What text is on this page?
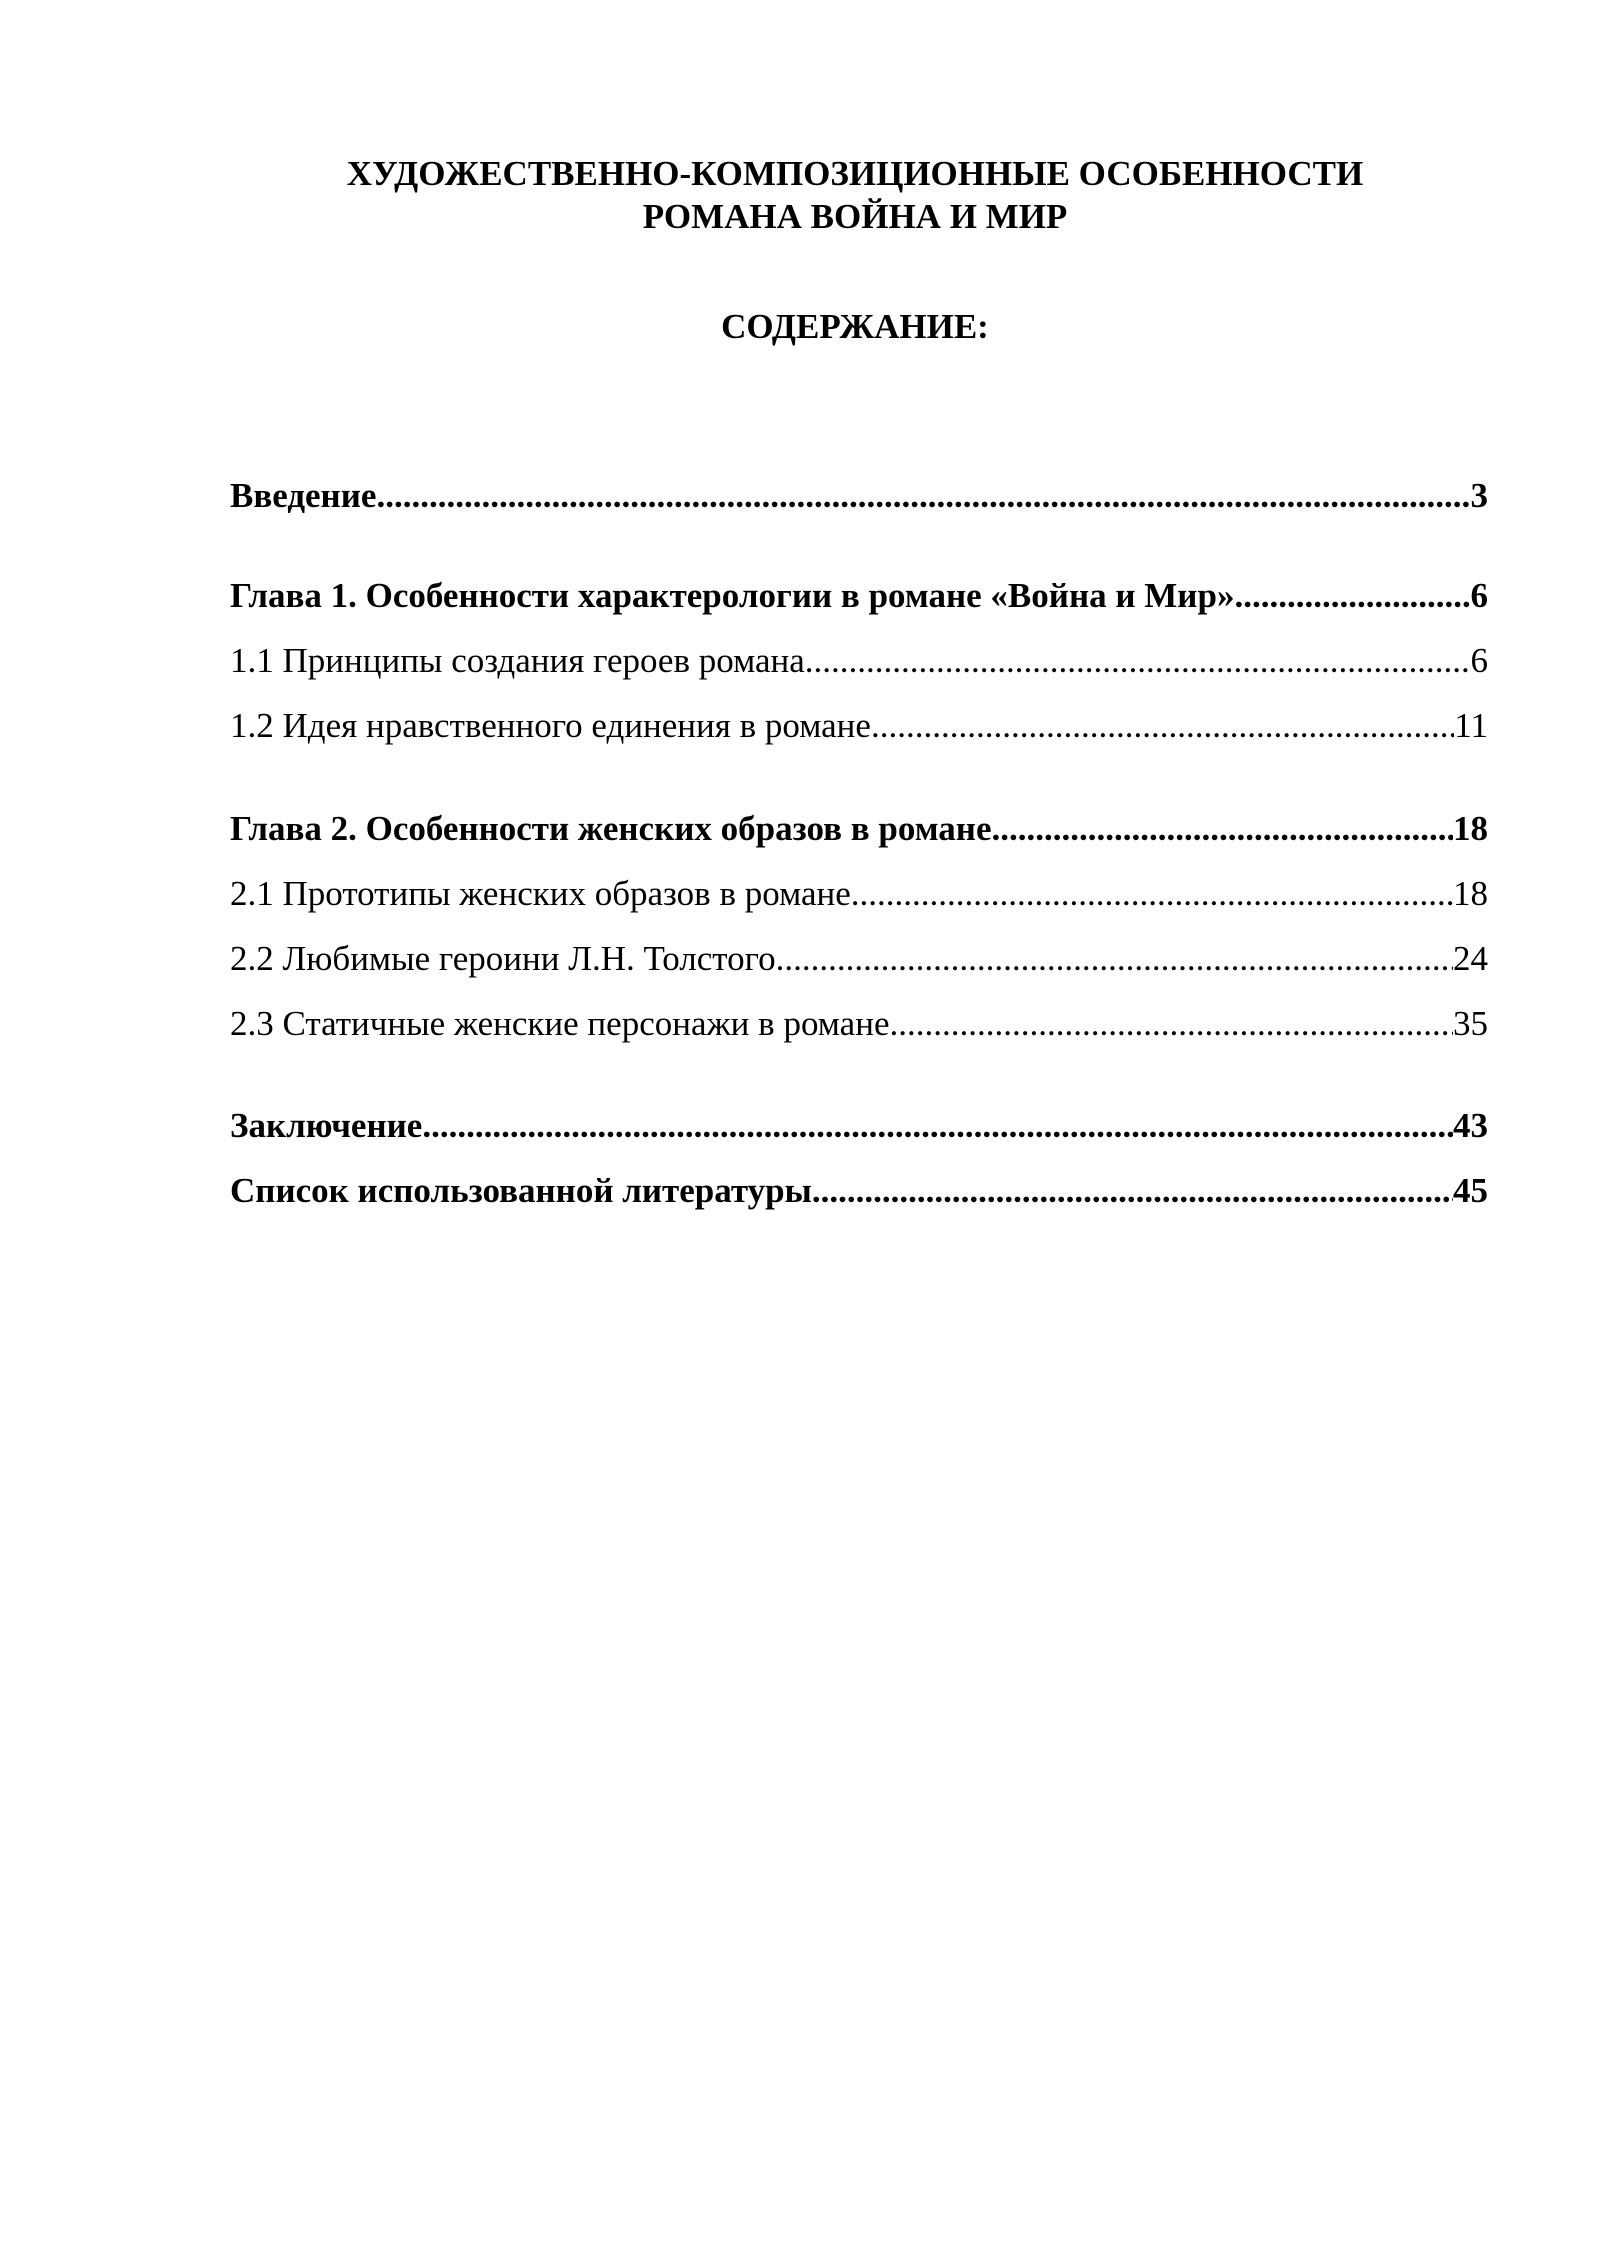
ХУДОЖЕСТВЕННО-КОМПОЗИЦИОННЫЕ ОСОБЕННОСТИ
РОМАНА ВОЙНА И МИР
СОДЕРЖАНИЕ:
Введение .....	3
Глава 1. Особенности характерологии в романе «Война и Мир» .....	6
1.1 Принципы создания героев романа .....	6
1.2 Идея нравственного единения в романе .....	11
Глава 2. Особенности женских образов в романе .....	18
2.1 Прототипы женских образов в романе .....	18
2.2 Любимые героини Л.Н. Толстого .....	24
2.3 Статичные женские персонажи в романе .....	35
Заключение .....	43
Список использованной литературы .....	45
